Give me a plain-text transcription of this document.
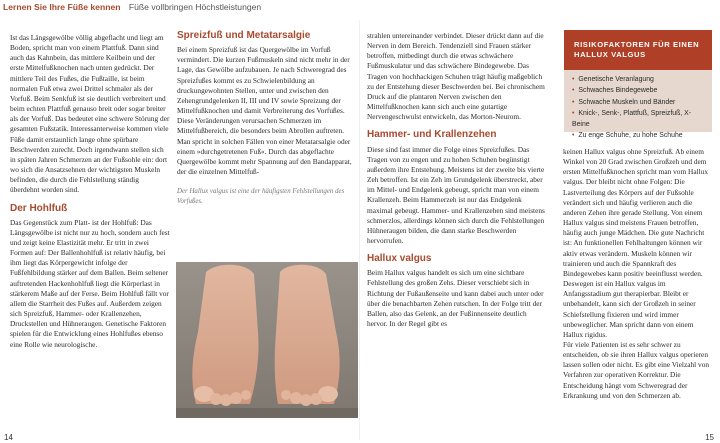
Lernen Sie Ihre Füße kennen Füße vollbringen Höchstleistungen

Ist das Längsgewölbe völlig abgeflacht und liegt am Boden, spricht man von einem Plattfuß. Dann sind auch das Kahnbein, das mittlere Keilbein und der erste Mittelfußknochen nach unten gedrückt. Der mittlere Teil des Fußes, die Fußtaille, ist beim normalen Fuß etwa zwei Drittel schmaler als der Vorfuß. Beim Senkfuß ist sie deutlich verbreitert und beim echten Plattfuß genauso breit oder sogar breiter als der Vorfuß. Das bedeutet eine schwere Störung der gesamten Fußstatik. Interessanterweise kommen viele Füße damit erstaunlich lange ohne spürbare Beschwerden zurecht. Doch irgendwann stellen sich in späten Jahren Schmerzen an der Fußsohle ein: dort wo sich die Ansatzsehnen der wichtigsten Muskeln befinden, die durch die Fehlstellung ständig überdehnt worden sind.

Der Hohlfuß

Das Gegenstück zum Platt- ist der Hohlfuß: Das Längsgewölbe ist nicht nur zu hoch, sondern auch fest und zeigt keine Elastizität mehr. Er tritt in zwei Formen auf: Der Ballenhohlfuß ist relativ häufig, bei ihm liegt das Körpergewicht infolge der Fußfehlbildung stärker auf dem Ballen. Beim seltener auftretenden Hackenhohlfuß liegt die Körperlast in stärkerem Maße auf der Ferse. Beim Hohlfuß fällt vor allem die Starrheit des Fußes auf. Außerdem zeigen sich Spreizfuß, Hammer- oder Krallenzehen, Druckstellen und Hühneraugen. Genetische Faktoren spielen für die Entwicklung eines Hohlfußes ebenso eine Rolle wie neurologische.

Spreizfuß und Metatarsalgie

Bei einem Spreizfuß ist das Quergewölbe im Vorfuß vermindert. Die kurzen Fußmuskeln sind nicht mehr in der Lage, das Gewölbe aufzubauen. Je nach Schweregrad des Spreizfußes kommt es zu Schwielenbildung an druckungewohnten Stellen, unter und zwischen den Zehengrundgelenken II, III und IV sowie Spreizung der Mittelfußknochen und damit Verbreiterung des Vorfußes. Diese Veränderungen verursachen Schmerzen im Mittelfußbereich, die besonders beim Abrollen auftreten. Man spricht in solchen Fällen von einer Metatarsalgie oder einem »durchgetretenen Fuß«. Durch das abgeflachte Quergewölbe kommt mehr Spannung auf den Bandapparat, der die einzelnen Mittelfuß-

Der Hallux valgus ist eine der häufigsten Fehlstellungen des Vorfußes.

strahlen untereinander verbindet. Dieser drückt dann auf die Nerven in dem Bereich. Tendenziell sind Frauen stärker betroffen, mitbedingt durch die etwas schwächere Fußmuskulatur und das schwächere Bindegewebe. Das Tragen von hochhackigen Schuhen trägt häufig maßgeblich zu der Entstehung dieser Beschwerden bei. Bei chronischem Druck auf die plantaren Nerven zwischen den Mittelfußknochen kann sich auch eine gutartige Nervengeschwulst entwickeln, das Morton-Neurom.

Hammer- und Krallenzehen

Diese sind fast immer die Folge eines Spreizfußes. Das Tragen von zu engen und zu hohen Schuhen begünstigt außerdem ihre Entstehung. Meistens ist der zweite bis vierte Zeh betroffen. Ist ein Zeh im Grundgelenk überstreckt, aber im Mittel- und Endgelenk gebeugt, spricht man von einem Krallenzeh. Beim Hammerzeh ist nur das Endgelenk maximal gebeugt. Hammer- und Krallenzehen sind meistens schmerzlos, allerdings können sich durch die Fehlstellungen Hühneraugen bilden, die dann starke Beschwerden hervorrufen.

Hallux valgus

Beim Hallux valgus handelt es sich um eine sichtbare Fehlstellung des großen Zehs. Dieser verschiebt sich in Richtung der Fußaußenseite und kann dabei auch unter oder über die benachbarten Zehen rutschen. In der Folge tritt der Ballen, also das Gelenk, an der Fußinnenseite deutlich hervor. In der Regel gibt es

RISIKOFAKTOREN FÜR EINEN
HALLUX VALGUS
• Genetische Veranlagung
• Schwaches Bindegewebe
• Schwache Muskeln und Bänder
• Knick-, Senk-, Plattfuß, Spreizfuß, X-Beine
• Zu enge Schuhe, zu hohe Schuhe

keinen Hallux valgus ohne Spreizfuß. Ab einem Winkel von 20 Grad zwischen Großzeh und dem ersten Mittelfußknochen spricht man vom Hallux valgus. Der bleibt nicht ohne Folgen: Die Lastverteilung des Körpers auf der Fußsohle verändert sich und häufig verlieren auch die anderen Zehen ihre gerade Stellung. Von einem Hallux valgus sind meistens Frauen betroffen, häufig auch junge Mädchen. Die gute Nachricht ist: An funktionellen Fehlhaltungen können wir aktiv etwas verändern. Muskeln können wir trainieren und auch die Spannkraft des Bindegewebes kann positiv beeinflusst werden. Deswegen ist ein Hallux valgus im Anfangsstadium gut therapierbar. Bleibt er unbehandelt, kann sich der Großzeh in seiner Schiefstellung fixieren und wird immer unbeweglicher. Man spricht dann von einem Hallux rigidus.

Für viele Patienten ist es sehr schwer zu entscheiden, ob sie ihren Hallux valgus operieren lassen sollen oder nicht. Es gibt eine Vielzahl von Verfahren zur operativen Korrektur. Die Entscheidung hängt vom Schweregrad der Erkrankung und von den Schmerzen ab.

14	15
